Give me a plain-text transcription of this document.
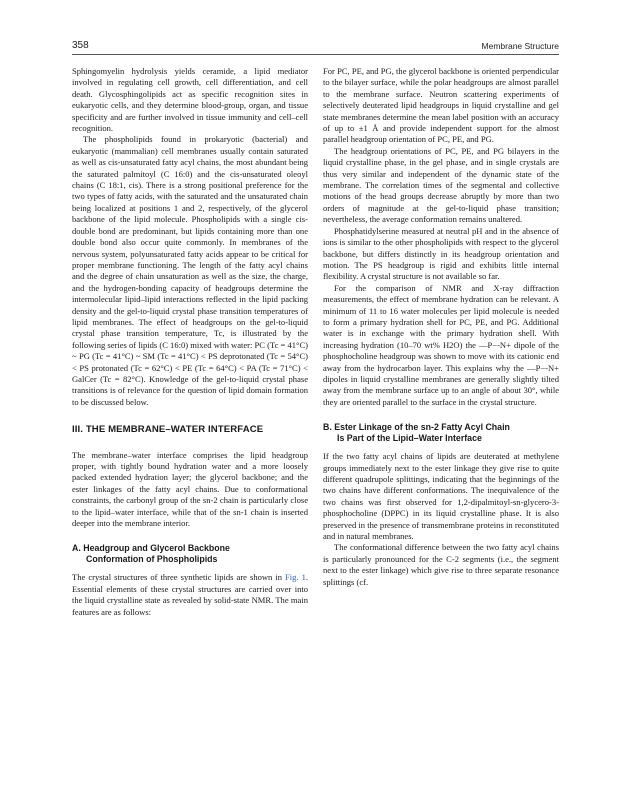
358	Membrane Structure

Sphingomyelin hydrolysis yields ceramide, a lipid mediator involved in regulating cell growth, cell differentiation, and cell death. Glycosphingolipids act as specific recognition sites in eukaryotic cells, and they determine blood-group, organ, and tissue specificity and are further involved in tissue immunity and cell–cell recognition.

The phospholipids found in prokaryotic (bacterial) and eukaryotic (mammalian) cell membranes usually contain saturated as well as cis-unsaturated fatty acyl chains, the most abundant being the saturated palmitoyl (C 16:0) and the cis-unsaturated oleoyl chains (C 18:1, cis). There is a strong positional preference for the two types of fatty acids, with the saturated and the unsaturated chain being localized at positions 1 and 2, respectively, of the glycerol backbone of the lipid molecule. Phospholipids with a single cis-double bond are predominant, but lipids containing more than one double bond also occur quite commonly. In membranes of the nervous system, polyunsaturated fatty acids appear to be critical for proper membrane functioning. The length of the fatty acyl chains and the degree of chain unsaturation as well as the size, the charge, and the hydrogen-bonding capacity of headgroups determine the intermolecular lipid–lipid interactions reflected in the lipid packing density and the gel-to-liquid crystal phase transition temperatures of lipid membranes. The effect of headgroups on the gel-to-liquid crystal phase transition temperature, Tc, is illustrated by the following series of lipids (C 16:0) mixed with water: PC (Tc = 41°C) ~ PG (Tc = 41°C) ~ SM (Tc = 41°C) < PS deprotonated (Tc = 54°C) < PS protonated (Tc = 62°C) < PE (Tc = 64°C) < PA (Tc = 71°C) < GalCer (Tc = 82°C). Knowledge of the gel-to-liquid crystal phase transitions is of relevance for the question of lipid domain formation to be discussed below.

III. THE MEMBRANE–WATER INTERFACE

The membrane–water interface comprises the lipid headgroup proper, with tightly bound hydration water and a more loosely packed extended hydration layer; the glycerol backbone; and the ester linkages of the fatty acyl chains. Due to conformational constraints, the carbonyl group of the sn-2 chain is particularly close to the lipid–water interface, while that of the sn-1 chain is inserted deeper into the membrane interior.

A. Headgroup and Glycerol Backbone
Conformation of Phospholipids

The crystal structures of three synthetic lipids are shown in Fig. 1. Essential elements of these crystal structures are carried over into the liquid crystalline state as revealed by solid-state NMR. The main features are as follows:

For PC, PE, and PG, the glycerol backbone is oriented perpendicular to the bilayer surface, while the polar headgroups are almost parallel to the membrane surface. Neutron scattering experiments of selectively deuterated lipid headgroups in liquid crystalline and gel state membranes determine the mean label position with an accuracy of up to ±1 Å and provide independent support for the almost parallel headgroup orientation of PC, PE, and PG.

The headgroup orientations of PC, PE, and PG bilayers in the liquid crystalline phase, in the gel phase, and in single crystals are thus very similar and independent of the dynamic state of the membrane. The correlation times of the segmental and collective motions of the head groups decrease abruptly by more than two orders of magnitude at the gel-to-liquid phase transition; nevertheless, the average conformation remains unaltered.

Phosphatidylserine measured at neutral pH and in the absence of ions is similar to the other phospholipids with respect to the glycerol backbone, but differs distinctly in its headgroup orientation and motion. The PS headgroup is rigid and exhibits little internal flexibility. A crystal structure is not available so far.

For the comparison of NMR and X-ray diffraction measurements, the effect of membrane hydration can be relevant. A minimum of 11 to 16 water molecules per lipid molecule is needed to form a primary hydration shell for PC, PE, and PG. Additional water is in exchange with the primary hydration shell. With increasing hydration (10–70 wt% H2O) the —P−-N+ dipole of the phosphocholine headgroup was shown to move with its cationic end away from the hydrocarbon layer. This explains why the —P−-N+ dipoles in liquid crystalline membranes are generally slightly tilted away from the membrane surface up to an angle of about 30°, while they are oriented parallel to the surface in the crystal structure.

B. Ester Linkage of the sn-2 Fatty Acyl Chain
Is Part of the Lipid–Water Interface

If the two fatty acyl chains of lipids are deuterated at methylene groups immediately next to the ester linkage they give rise to quite different quadrupole splittings, indicating that the beginnings of the two chains have different conformations. The inequivalence of the two chains was first observed for 1,2-dipalmitoyl-sn-glycero-3-phosphocholine (DPPC) in its liquid crystalline phase. It is also preserved in the presence of transmembrane proteins in reconstituted and in natural membranes.

The conformational difference between the two fatty acyl chains is particularly pronounced for the C-2 segments (i.e., the segment next to the ester linkage) which give rise to three separate resonance splittings (cf.
